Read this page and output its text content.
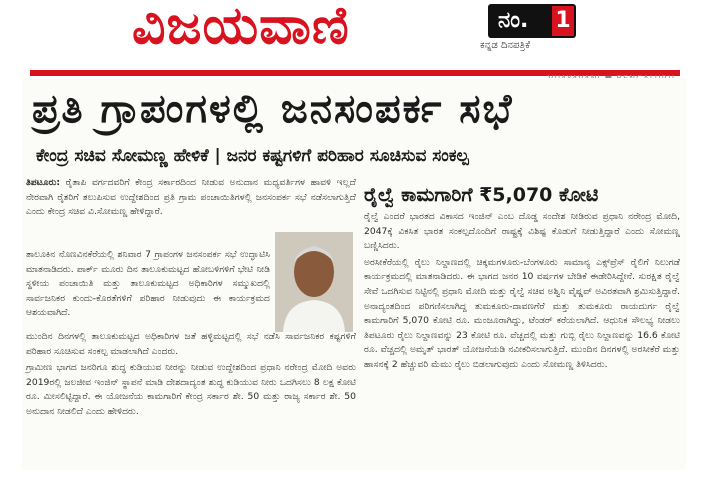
ವಿಜಯವಾಣಿ	ನಂ. 1
ಕನ್ನಡ ದಿನಪತ್ರಿಕೆ
ಪ್ರತಿ ಗ್ರಾಪಂಗಳಲ್ಲಿ ಜನಸಂಪರ್ಕ ಸಭೆ
ಕೇಂದ್ರ ಸಚಿವ ಸೋಮಣ್ಣ ಹೇಳಿಕೆ | ಜನರ ಕಷ್ಟಗಳಿಗೆ ಪರಿಹಾರ ಸೂಚಿಸುವ ಸಂಕಲ್ಪ

ತಿಪಟೂರು: ರೈತಾಪಿ ವರ್ಗದವರಿಗೆ ಕೇಂದ್ರ ಸರ್ಕಾರದಿಂದ ನೀಡುವ ಅನುದಾನ ಮಧ್ಯವರ್ತಿಗಳ ಹಾವಳಿ ಇಲ್ಲದೆ ನೇರವಾಗಿ ರೈತರಿಗೆ ತಲುಪಿಸುವ ಉದ್ದೇಶದಿಂದ ಪ್ರತಿ ಗ್ರಾಮ ಪಂಚಾಯಿತಿಗಳಲ್ಲಿ ಜನಸಂಪರ್ಕ ಸಭೆ ನಡೆಸಲಾಗುತ್ತಿದೆ ಎಂದು ಕೇಂದ್ರ ಸಚಿವ ವಿ.ಸೋಮಣ್ಣ ಹೇಳಿದ್ದಾರೆ.

ತಾಲೂಕಿನ ನೊಣವಿನಕೆರೆಯಲ್ಲಿ ಶನಿವಾರ 7 ಗ್ರಾಪಂಗಳ ಜನಸಂಪರ್ಕ ಸಭೆ ಉದ್ಘಾಟಿಸಿ ಮಾತನಾಡಿದರು. ಪಾರ್ಕ್ ಮೂರು ದಿನ ತಾಲೂಕುಮಟ್ಟದ ಹೋಬಳಿಗಳಿಗೆ ಭೇಟಿ ನೀಡಿ ಸ್ಥಳೀಯ ಪಂಚಾಯಿತಿ ಮತ್ತು ತಾಲೂಕುಮಟ್ಟದ ಅಧಿಕಾರಿಗಳ ಸಮ್ಮುಖದಲ್ಲಿ ಸಾರ್ವಜನಿಕರ ಕುಂದು-ಕೊರತೆಗಳಿಗೆ ಪರಿಹಾರ ನೀಡುವುದು ಈ ಕಾರ್ಯಕ್ರಮದ ಆಶಯವಾಗಿದೆ.

ಮುಂದಿನ ದಿನಗಳಲ್ಲಿ ತಾಲೂಕುಮಟ್ಟದ ಅಧಿಕಾರಿಗಳ ಜತೆ ಹಳ್ಳಿಮಟ್ಟದಲ್ಲಿ ಸಭೆ ನಡೆಸಿ ಸಾರ್ವಜನಿಕರ ಕಷ್ಟಗಳಿಗೆ ಪರಿಹಾರ ಸೂಚಿಸುವ ಸಂಕಲ್ಪ ಮಾಡಲಾಗಿದೆ ಎಂದರು.

ಗ್ರಾಮೀಣ ಭಾಗದ ಜನರಿಗೂ ಶುದ್ಧ ಕುಡಿಯುವ ನೀರನ್ನು ನೀಡುವ ಉದ್ದೇಶದಿಂದ ಪ್ರಧಾನಿ ನರೇಂದ್ರ ಮೋದಿ ಅವರು 2019ರಲ್ಲಿ ಜಲಜೀವ ಇಂಜಿನ್ ಸ್ಥಾಪನೆ ಮಾಡಿ ದೇಶದಾದ್ಯಂತ ಶುದ್ಧ ಕುಡಿಯುವ ನೀರು ಒದಗಿಸಲು 8 ಲಕ್ಷ ಕೋಟಿ ರೂ. ಮೀಸಲಿಟ್ಟಿದ್ದಾರೆ. ಈ ಯೋಜನೆಯ ಕಾಮಗಾರಿಗೆ ಕೇಂದ್ರ ಸರ್ಕಾರ ಶೇ. 50 ಮತ್ತು ರಾಜ್ಯ ಸರ್ಕಾರ ಶೇ. 50 ಅನುದಾನ ನೀಡಲಿದೆ ಎಂದು ಹೇಳಿದರು.

ರೈಲ್ವೆ ಕಾಮಗಾರಿಗೆ ₹5,070 ಕೋಟಿ

ರೈಲ್ವೆ ಎಂದರೆ ಭಾರತದ ವಿಕಾಸದ ಇಂಜಿನ್ ಎಂಬ ದೊಡ್ಡ ಸಂದೇಶ ನೀಡಿರುವ ಪ್ರಧಾನಿ ನರೇಂದ್ರ ಮೋದಿ, 2047ಕ್ಕೆ ವಿಕಸಿತ ಭಾರತ ಸಂಕಲ್ಪದೊಂದಿಗೆ ರಾಷ್ಟ್ರಕ್ಕೆ ವಿಶಿಷ್ಟ ಕೊಡುಗೆ ನೀಡುತ್ತಿದ್ದಾರೆ ಎಂದು ಸೋಮಣ್ಣ ಬಣ್ಣಿಸಿದರು.

ಅರಸೀಕೆರೆಯಲ್ಲಿ ರೈಲು ನಿಲ್ದಾಣದಲ್ಲಿ ಚಿಕ್ಕಮಗಳೂರು-ಬೆಂಗಳೂರು ಸಾಮಾನ್ಯ ಎಕ್ಸ್‌ಪ್ರೆಸ್ ರೈಲಿಗೆ ನಿಲುಗಡೆ ಕಾರ್ಯಕ್ರಮದಲ್ಲಿ ಮಾತನಾಡಿದರು. ಈ ಭಾಗದ ಜನರ 10 ವರ್ಷಗಳ ಬೇಡಿಕೆ ಈಡೇರಿಸಿದ್ದೇನೆ. ಸುರಕ್ಷಿತ ರೈಲ್ವೆ ಸೇವೆ ಒದಗಿಸುವ ನಿಟ್ಟಿನಲ್ಲಿ ಪ್ರಧಾನಿ ಮೋದಿ ಮತ್ತು ರೈಲ್ವೆ ಸಚಿವ ಅಶ್ವಿನಿ ವೈಷ್ಣವ್ ಅವಿರತವಾಗಿ ಶ್ರಮಿಸುತ್ತಿದ್ದಾರೆ. ಅನಾದ್ಯಂತದಿಂದ ಪರಿಗಣಿಸಲಾಗಿದ್ದ ತುಮಕೂರು-ದಾವಣಗೆರೆ ಮತ್ತು ತುಮಕೂರು ರಾಯದುರ್ಗ ರೈಲ್ವೆ ಕಾಮಗಾರಿಗೆ 5,070 ಕೋಟಿ ರೂ. ಮಂಜೂರಾಗಿದ್ದು, ಟೆಂಡರ್ ಕರೆಯಲಾಗಿದೆ. ಆಧುನಿಕ ಸೌಲಭ್ಯ ನೀಡಲು ತಿಪಟೂರು ರೈಲು ನಿಲ್ದಾಣವನ್ನು 23 ಕೋಟಿ ರೂ. ವೆಚ್ಚದಲ್ಲಿ ಮತ್ತು ಗುಬ್ಬಿ ರೈಲು ನಿಲ್ದಾಣವನ್ನು 16.6 ಕೋಟಿ ರೂ. ವೆಚ್ಚದಲ್ಲಿ ಅಮೃತ್ ಭಾರತ್ ಯೋಜನೆಯಡಿ ನವೀಕರಿಸಲಾಗುತ್ತಿದೆ. ಮುಂದಿನ ದಿನಗಳಲ್ಲಿ ಅರಸೀಕೆರೆ ಮತ್ತು ಹಾಸನಕ್ಕೆ 2 ಹೆಚ್ಚುವರಿ ಮೆಮು ರೈಲು ಬಿಡಲಾಗುವುದು ಎಂದು ಸೋಮಣ್ಣ ತಿಳಿಸಿದರು.
